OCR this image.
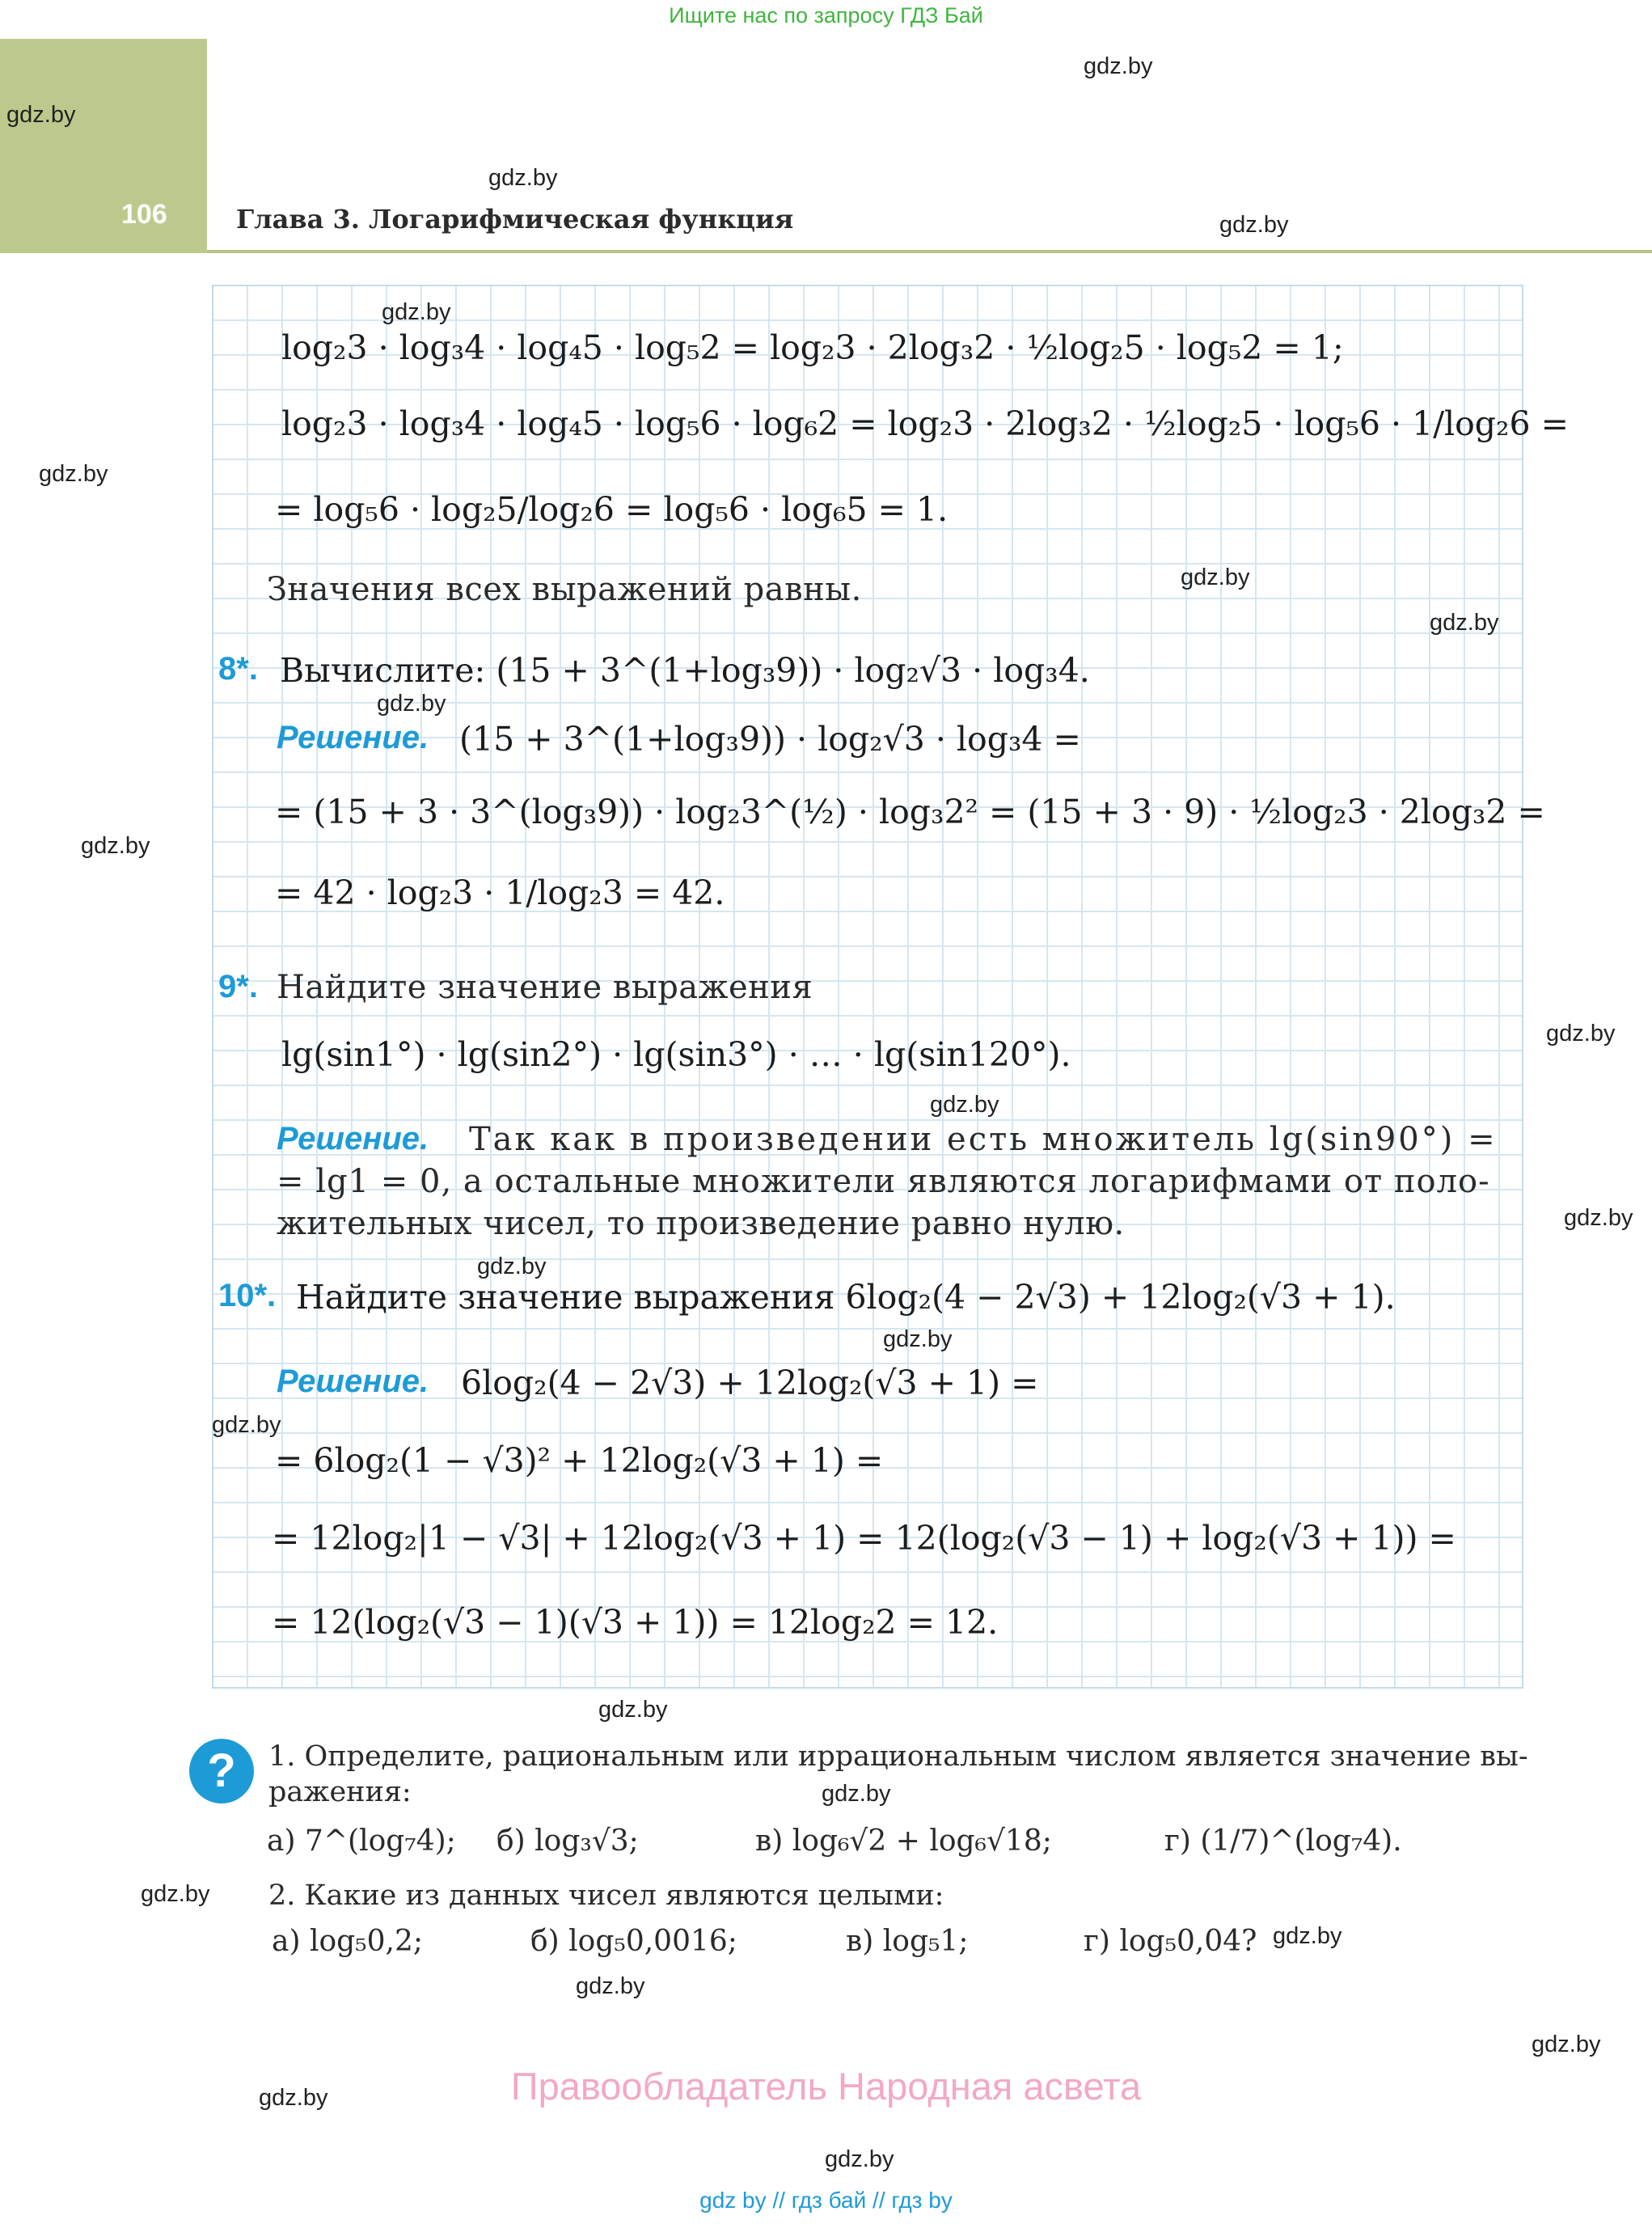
Ищите нас по запросу ГДЗ Бай
106	Глава 3. Логарифмическая функция
log₂3 · log₃4 · log₄5 · log₅2 = log₂3 · 2log₃2 · ½log₂5 · log₅2 = 1;
log₂3 · log₃4 · log₄5 · log₅6 · log₆2 = log₂3 · 2log₃2 · ½log₂5 · log₅6 · 1/log₂6 =
= log₅6 · log₂5/log₂6 = log₅6 · log₆5 = 1.
Значения всех выражений равны.
8*. Вычислите: (15 + 3^(1+log₃9)) · log₂√3 · log₃4.
Решение. (15 + 3^(1+log₃9)) · log₂√3 · log₃4 =
= (15 + 3 · 3^(log₃9)) · log₂3^(½) · log₃2² = (15 + 3 · 9) · ½log₂3 · 2log₃2 =
= 42 · log₂3 · 1/log₂3 = 42.
9*. Найдите значение выражения
lg(sin1°) · lg(sin2°) · lg(sin3°) · … · lg(sin120°).
Решение. Так как в произведении есть множитель lg(sin90°) =
= lg1 = 0, а остальные множители являются логарифмами от поло-
жительных чисел, то произведение равно нулю.
10*. Найдите значение выражения 6log₂(4 − 2√3) + 12log₂(√3 + 1).
Решение. 6log₂(4 − 2√3) + 12log₂(√3 + 1) =
= 6log₂(1 − √3)² + 12log₂(√3 + 1) =
= 12log₂|1 − √3| + 12log₂(√3 + 1) = 12(log₂(√3 − 1) + log₂(√3 + 1)) =
= 12(log₂(√3 − 1)(√3 + 1)) = 12log₂2 = 12.
?	1. Определите, рациональным или иррациональным числом является значение вы-
ражения:
а) 7^(log₇4); б) log₃√3;	в) log₆√2 + log₆√18;	г) (1/7)^(log₇4).
2. Какие из данных чисел являются целыми:
а) log₅0,2;	б) log₅0,0016;	в) log₅1;	г) log₅0,04?
Правообладатель Народная асвета
gdz by // гдз бай // гдз by
gdz.by
gdz.by
gdz.by
gdz.by
gdz.by
gdz.by
gdz.by
gdz.by
gdz.by
gdz.by
gdz.by
gdz.by
gdz.by
gdz.by
gdz.by
gdz.by
gdz.by
gdz.by
gdz.by
gdz.by
gdz.by
gdz.by
gdz.by
gdz.by
